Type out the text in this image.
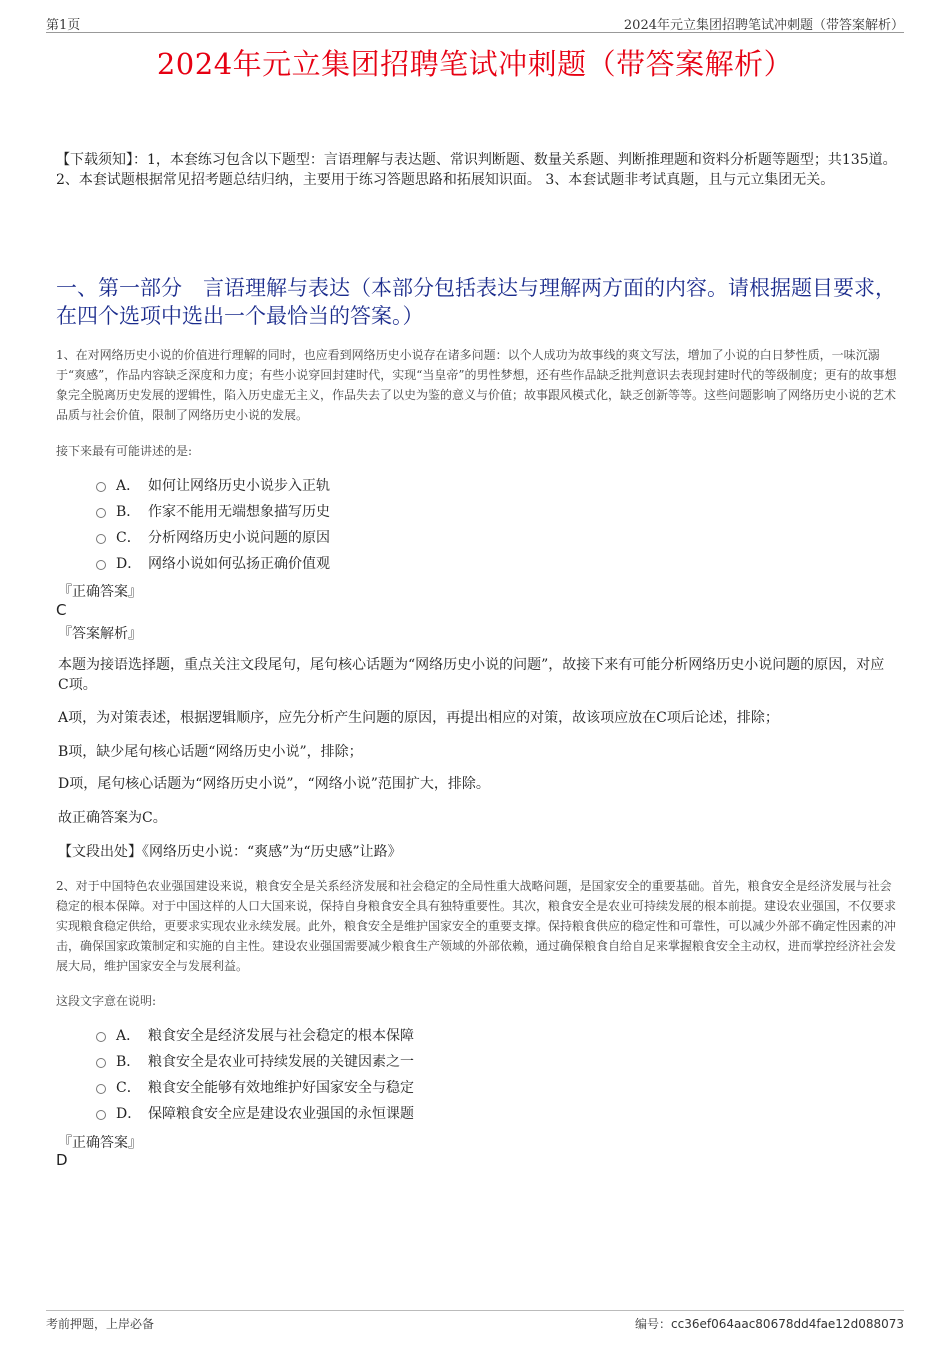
第1页	2024年元立集团招聘笔试冲刺题（带答案解析）
2024年元立集团招聘笔试冲刺题（带答案解析）
【下载须知】：1，本套练习包含以下题型：言语理解与表达题、常识判断题、数量关系题、判断推理题和资料分析题等题型；共135道。 2、本套试题根据常见招考题总结归纳，主要用于练习答题思路和拓展知识面。 3、本套试题非考试真题，且与元立集团无关。
一、第一部分　言语理解与表达（本部分包括表达与理解两方面的内容。请根据题目要求，在四个选项中选出一个最恰当的答案。）
1、在对网络历史小说的价值进行理解的同时，也应看到网络历史小说存在诸多问题：以个人成功为故事线的爽文写法，增加了小说的白日梦性质，一味沉溺于“爽感”，作品内容缺乏深度和力度；有些小说穿回封建时代，实现“当皇帝”的男性梦想，还有些作品缺乏批判意识去表现封建时代的等级制度；更有的故事想象完全脱离历史发展的逻辑性，陷入历史虚无主义，作品失去了以史为鉴的意义与价值；故事跟风模式化，缺乏创新等等。这些问题影响了网络历史小说的艺术品质与社会价值，限制了网络历史小说的发展。
接下来最有可能讲述的是:
A． 如何让网络历史小说步入正轨
B． 作家不能用无端想象描写历史
C． 分析网络历史小说问题的原因
D． 网络小说如何弘扬正确价值观
『正确答案』
C
『答案解析』
本题为接语选择题，重点关注文段尾句，尾句核心话题为“网络历史小说的问题”，故接下来有可能分析网络历史小说问题的原因，对应C项。
A项，为对策表述，根据逻辑顺序，应先分析产生问题的原因，再提出相应的对策，故该项应放在C项后论述，排除；
B项，缺少尾句核心话题“网络历史小说”，排除；
D项，尾句核心话题为“网络历史小说”，“网络小说”范围扩大，排除。
故正确答案为C。
【文段出处】《网络历史小说：“爽感”为“历史感”让路》
2、对于中国特色农业强国建设来说，粮食安全是关系经济发展和社会稳定的全局性重大战略问题，是国家安全的重要基础。首先，粮食安全是经济发展与社会稳定的根本保障。对于中国这样的人口大国来说，保持自身粮食安全具有独特重要性。其次，粮食安全是农业可持续发展的根本前提。建设农业强国，不仅要求实现粮食稳定供给，更要求实现农业永续发展。此外，粮食安全是维护国家安全的重要支撑。保持粮食供应的稳定性和可靠性，可以减少外部不确定性因素的冲击，确保国家政策制定和实施的自主性。建设农业强国需要减少粮食生产领域的外部依赖，通过确保粮食自给自足来掌握粮食安全主动权，进而掌控经济社会发展大局，维护国家安全与发展利益。
这段文字意在说明:
A． 粮食安全是经济发展与社会稳定的根本保障
B． 粮食安全是农业可持续发展的关键因素之一
C． 粮食安全能够有效地维护好国家安全与稳定
D． 保障粮食安全应是建设农业强国的永恒课题
『正确答案』
D
考前押题，上岸必备	编号：cc36ef064aac80678dd4fae12d088073
